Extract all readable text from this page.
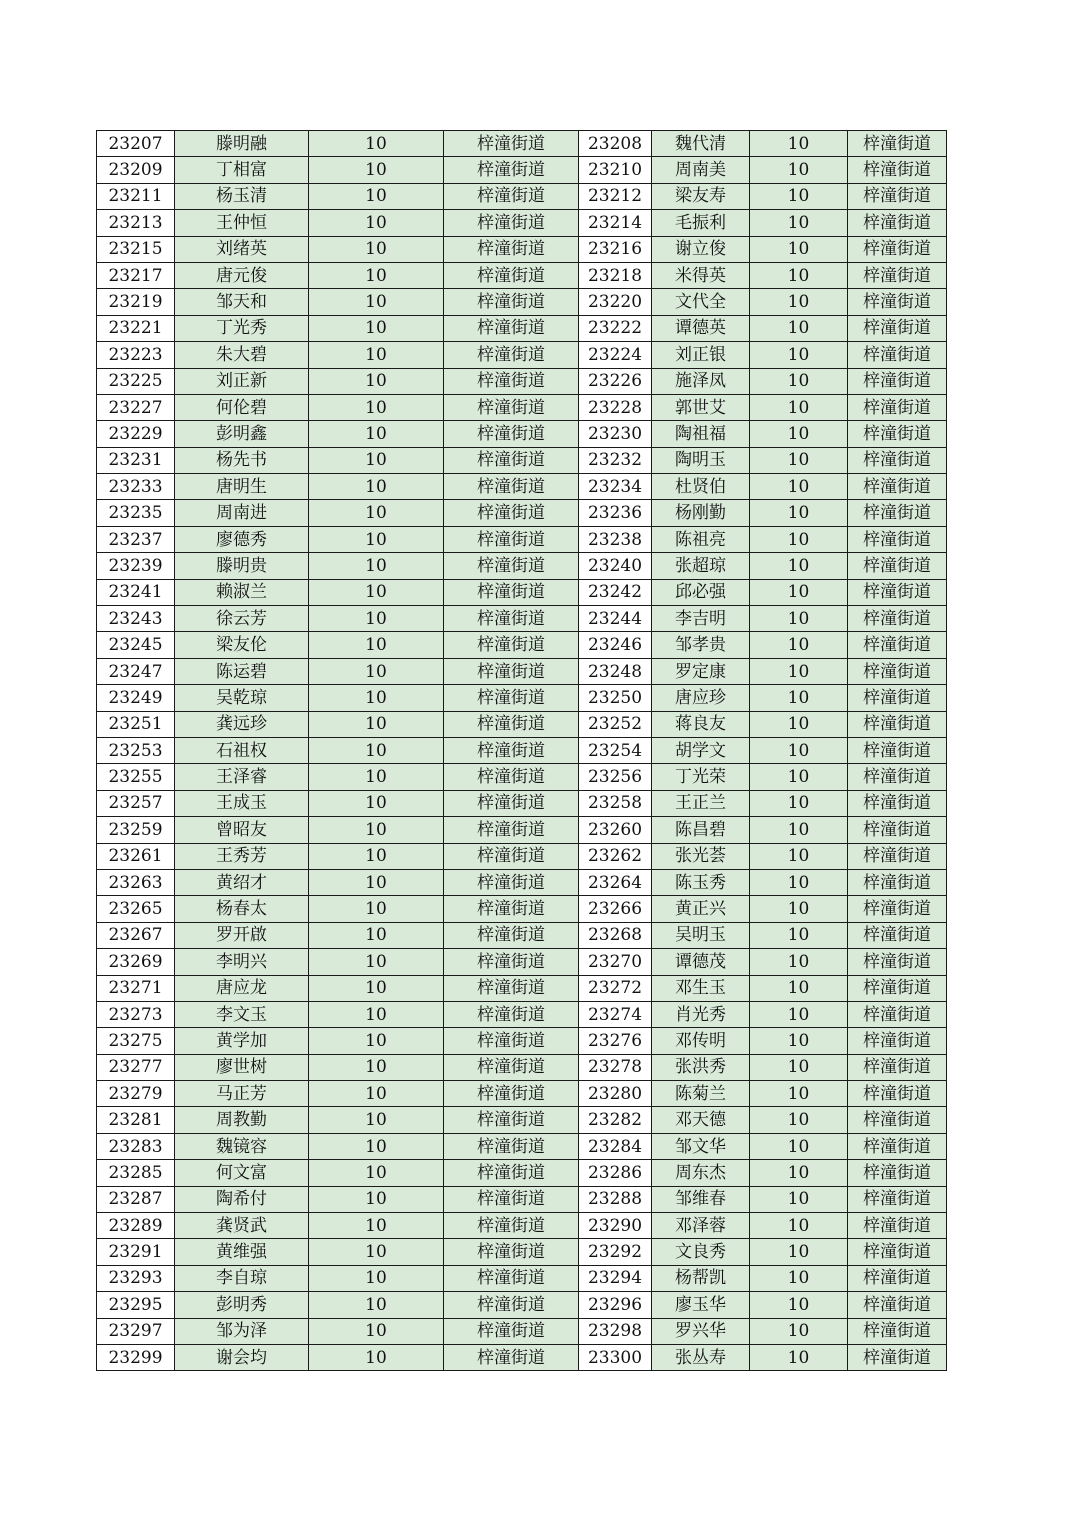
23207	滕明融	10	梓潼街道	23208	魏代清	10	梓潼街道
23209	丁相富	10	梓潼街道	23210	周南美	10	梓潼街道
23211	杨玉清	10	梓潼街道	23212	梁友寿	10	梓潼街道
23213	王仲恒	10	梓潼街道	23214	毛振利	10	梓潼街道
23215	刘绪英	10	梓潼街道	23216	谢立俊	10	梓潼街道
23217	唐元俊	10	梓潼街道	23218	米得英	10	梓潼街道
23219	邹天和	10	梓潼街道	23220	文代全	10	梓潼街道
23221	丁光秀	10	梓潼街道	23222	谭德英	10	梓潼街道
23223	朱大碧	10	梓潼街道	23224	刘正银	10	梓潼街道
23225	刘正新	10	梓潼街道	23226	施泽凤	10	梓潼街道
23227	何伦碧	10	梓潼街道	23228	郭世艾	10	梓潼街道
23229	彭明鑫	10	梓潼街道	23230	陶祖福	10	梓潼街道
23231	杨先书	10	梓潼街道	23232	陶明玉	10	梓潼街道
23233	唐明生	10	梓潼街道	23234	杜贤伯	10	梓潼街道
23235	周南进	10	梓潼街道	23236	杨刚勤	10	梓潼街道
23237	廖德秀	10	梓潼街道	23238	陈祖亮	10	梓潼街道
23239	滕明贵	10	梓潼街道	23240	张超琼	10	梓潼街道
23241	赖淑兰	10	梓潼街道	23242	邱必强	10	梓潼街道
23243	徐云芳	10	梓潼街道	23244	李吉明	10	梓潼街道
23245	梁友伦	10	梓潼街道	23246	邹孝贵	10	梓潼街道
23247	陈运碧	10	梓潼街道	23248	罗定康	10	梓潼街道
23249	吴乾琼	10	梓潼街道	23250	唐应珍	10	梓潼街道
23251	龚远珍	10	梓潼街道	23252	蒋良友	10	梓潼街道
23253	石祖权	10	梓潼街道	23254	胡学文	10	梓潼街道
23255	王泽睿	10	梓潼街道	23256	丁光荣	10	梓潼街道
23257	王成玉	10	梓潼街道	23258	王正兰	10	梓潼街道
23259	曾昭友	10	梓潼街道	23260	陈昌碧	10	梓潼街道
23261	王秀芳	10	梓潼街道	23262	张光荟	10	梓潼街道
23263	黄绍才	10	梓潼街道	23264	陈玉秀	10	梓潼街道
23265	杨春太	10	梓潼街道	23266	黄正兴	10	梓潼街道
23267	罗开啟	10	梓潼街道	23268	吴明玉	10	梓潼街道
23269	李明兴	10	梓潼街道	23270	谭德茂	10	梓潼街道
23271	唐应龙	10	梓潼街道	23272	邓生玉	10	梓潼街道
23273	李文玉	10	梓潼街道	23274	肖光秀	10	梓潼街道
23275	黄学加	10	梓潼街道	23276	邓传明	10	梓潼街道
23277	廖世树	10	梓潼街道	23278	张洪秀	10	梓潼街道
23279	马正芳	10	梓潼街道	23280	陈菊兰	10	梓潼街道
23281	周教勤	10	梓潼街道	23282	邓天德	10	梓潼街道
23283	魏镜容	10	梓潼街道	23284	邹文华	10	梓潼街道
23285	何文富	10	梓潼街道	23286	周东杰	10	梓潼街道
23287	陶希付	10	梓潼街道	23288	邹维春	10	梓潼街道
23289	龚贤武	10	梓潼街道	23290	邓泽蓉	10	梓潼街道
23291	黄维强	10	梓潼街道	23292	文良秀	10	梓潼街道
23293	李自琼	10	梓潼街道	23294	杨帮凯	10	梓潼街道
23295	彭明秀	10	梓潼街道	23296	廖玉华	10	梓潼街道
23297	邹为泽	10	梓潼街道	23298	罗兴华	10	梓潼街道
23299	谢会均	10	梓潼街道	23300	张丛寿	10	梓潼街道
